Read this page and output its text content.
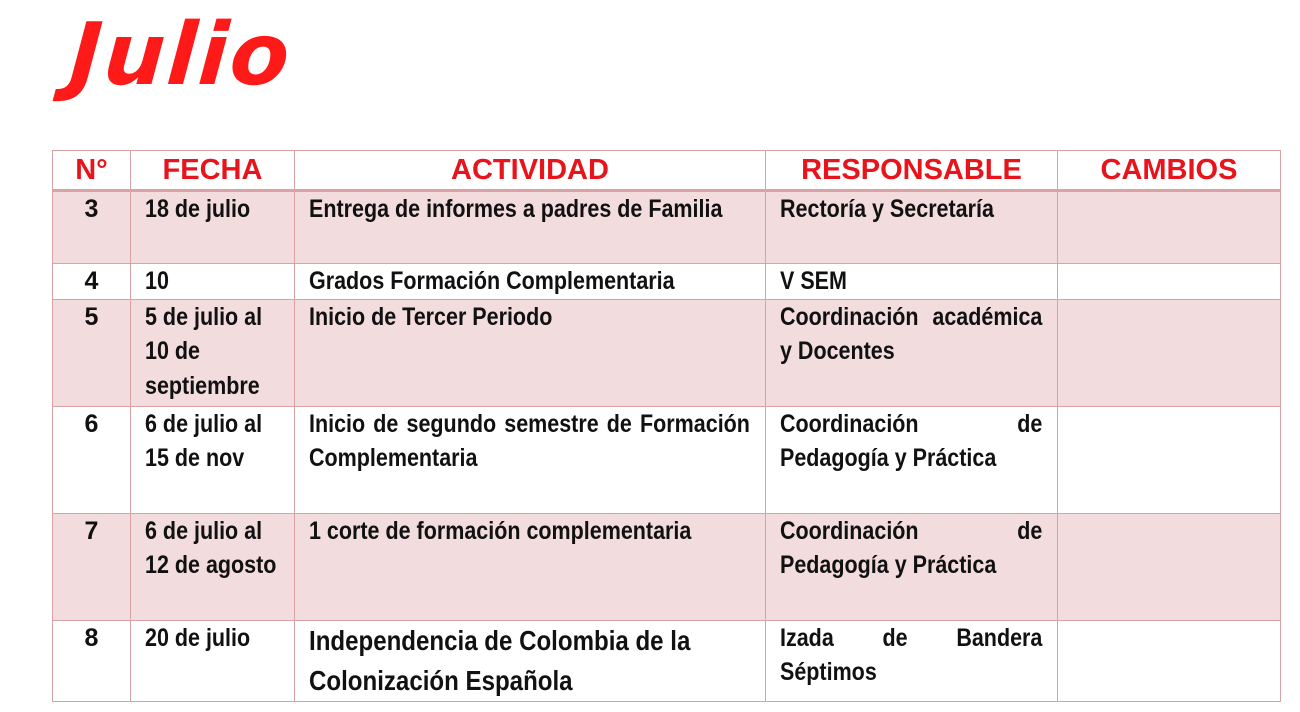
Julio
N°	FECHA	ACTIVIDAD	RESPONSABLE	CAMBIOS
3	18 de julio	Entrega de informes a padres de Familia	Rectoría y Secretaría	
4	10	Grados Formación Complementaria	V SEM	
5	5 de julio al 10 de septiembre	Inicio de Tercer Periodo	Coordinación académica y Docentes	
6	6 de julio al 15 de nov	Inicio de segundo semestre de Formación Complementaria	Coordinación de Pedagogía y Práctica	
7	6 de julio al 12 de agosto	1 corte de formación complementaria	Coordinación de Pedagogía y Práctica	
8	20 de julio	Independencia de Colombia de la Colonización Española	Izada de Bandera Séptimos	
